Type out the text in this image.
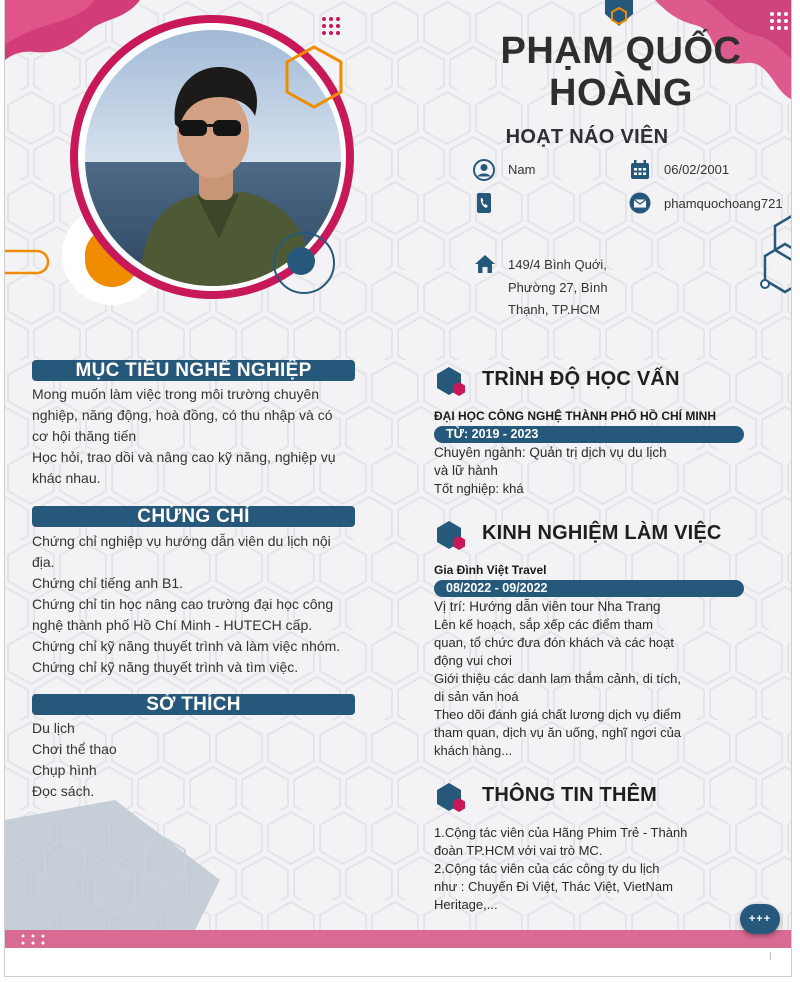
PHẠM QUỐC
HOÀNG
HOẠT NÁO VIÊN
Nam	06/02/2001
phamquochoang721
149/4 Bình Quới,
Phường 27, Bình
Thạnh, TP.HCM
MỤC TIÊU NGHỀ NGHIỆP

Mong muốn làm việc trong môi trường chuyên

nghiệp, năng động, hoà đồng, có thu nhập và có

cơ hội thăng tiến

Học hỏi, trao dồi và nâng cao kỹ năng, nghiệp vụ

khác nhau.

CHỨNG CHỈ

Chứng chỉ nghiệp vụ hướng dẫn viên du lịch nội

địa.

Chứng chỉ tiếng anh B1.

Chứng chỉ tin học nâng cao trường đại học công

nghệ thành phố Hồ Chí Minh - HUTECH cấp.

Chứng chỉ kỹ năng thuyết trình và làm việc nhóm.

Chứng chỉ kỹ năng thuyết trình và tìm việc.

SỞ THÍCH

Du lịch

Chơi thể thao

Chụp hình

Đọc sách.

TRÌNH ĐỘ HỌC VẤN
ĐẠI HỌC CÔNG NGHỆ THÀNH PHỐ HỒ CHÍ MINH
TỪ: 2019 - 2023

Chuyên ngành: Quản trị dịch vụ du lịch

và lữ hành

Tốt nghiệp: khá

KINH NGHIỆM LÀM VIỆC
Gia Đình Việt Travel
08/2022 - 09/2022
Vị trí: Hướng dẫn viên tour Nha Trang

Lên kế hoạch, sắp xếp các điểm tham

quan, tổ chức đưa đón khách và các hoạt

động vui chơi

Giới thiệu các danh lam thắm cảnh, di tích,

di sản văn hoá

Theo dõi đánh giá chất lương dịch vụ điểm

tham quan, dịch vụ ăn uống, nghĩ ngơi của

khách hàng...

THÔNG TIN THÊM

1.Cộng tác viên của Hãng Phim Trẻ - Thành

đoàn TP.HCM với vai trò MC.

2.Cộng tác viên của các công ty du lịch

như : Chuyến Đi Việt, Thác Việt, VietNam

Heritage,...

+++
